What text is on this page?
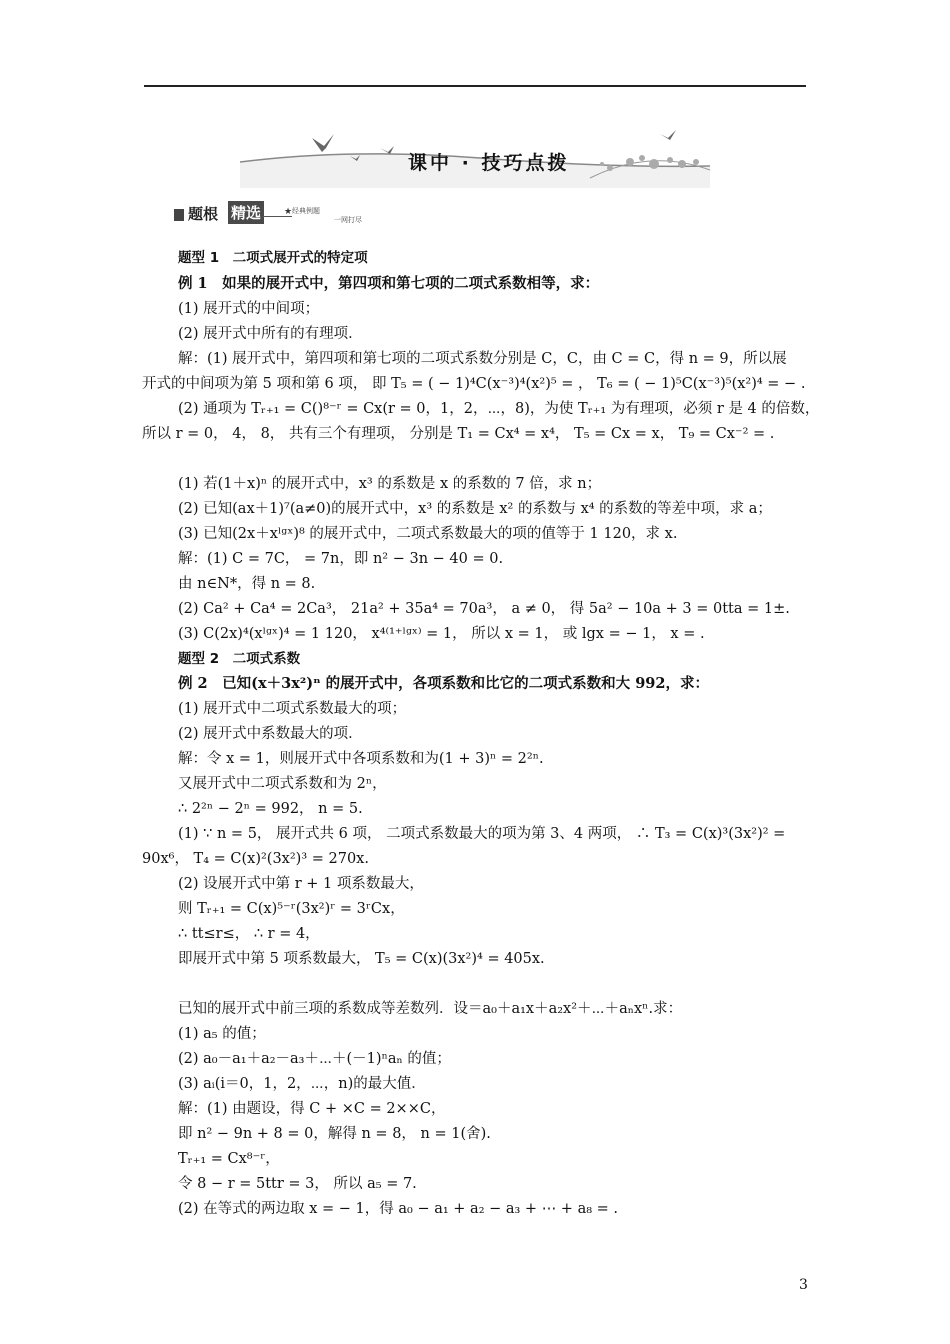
课中 · 技巧点拨
题根 精选	★ 经典例题
一网打尽
题型 1　二项式展开式的特定项
例 1　如果的展开式中，第四项和第七项的二项式系数相等，求：
(1) 展开式的中间项；
(2) 展开式中所有的有理项．
解：(1) 展开式中，第四项和第七项的二项式系数分别是 C，C，由 C = C，得 n = 9，所以展
开式的中间项为第 5 项和第 6 项， 即 T₅ = ( − 1)⁴C(x⁻³)⁴(x²)⁵ = ， T₆ = ( − 1)⁵C(x⁻³)⁵(x²)⁴ = − .
(2) 通项为 Tᵣ₊₁ = C()⁸⁻ʳ = Cx(r = 0，1，2，⋯，8)，为使 Tᵣ₊₁ 为有理项，必须 r 是 4 的倍数，
所以 r = 0， 4， 8， 共有三个有理项， 分别是 T₁ = Cx⁴ = x⁴， T₅ = Cx = x， T₉ = Cx⁻² = .
(1) 若(1＋x)ⁿ 的展开式中，x³ 的系数是 x 的系数的 7 倍，求 n；
(2) 已知(ax＋1)⁷(a≠0)的展开式中，x³ 的系数是 x² 的系数与 x⁴ 的系数的等差中项，求 a；
(3) 已知(2x＋xˡᵍˣ)⁸ 的展开式中，二项式系数最大的项的值等于 1 120，求 x.
解：(1) C = 7C， = 7n，即 n² − 3n − 40 = 0.
由 n∈N*，得 n = 8.
(2) Ca² + Ca⁴ = 2Ca³， 21a² + 35a⁴ = 70a³， a ≠ 0， 得 5a² − 10a + 3 = 0tta = 1±.
(3) C(2x)⁴(xˡᵍˣ)⁴ = 1 120， x⁴⁽¹⁺ˡᵍˣ⁾ = 1， 所以 x = 1， 或 lgx = − 1， x = .
题型 2　二项式系数
例 2　已知(x＋3x²)ⁿ 的展开式中，各项系数和比它的二项式系数和大 992，求：
(1) 展开式中二项式系数最大的项；
(2) 展开式中系数最大的项．
解：令 x = 1，则展开式中各项系数和为(1 + 3)ⁿ = 2²ⁿ.
又展开式中二项式系数和为 2ⁿ，
∴ 2²ⁿ − 2ⁿ = 992， n = 5.
(1) ∵ n = 5， 展开式共 6 项， 二项式系数最大的项为第 3、4 两项， ∴ T₃ = C(x)³(3x²)² =
90x⁶， T₄ = C(x)²(3x²)³ = 270x.
(2) 设展开式中第 r + 1 项系数最大，
则 Tᵣ₊₁ = C(x)⁵⁻ʳ(3x²)ʳ = 3ʳCx，
∴ tt≤r≤， ∴ r = 4，
即展开式中第 5 项系数最大， T₅ = C(x)(3x²)⁴ = 405x.
已知的展开式中前三项的系数成等差数列．设＝a₀＋a₁x＋a₂x²＋⋯＋aₙxⁿ.求：
(1) a₅ 的值；
(2) a₀－a₁＋a₂－a₃＋⋯＋(－1)ⁿaₙ 的值；
(3) aᵢ(i＝0，1，2，⋯，n)的最大值．
解：(1) 由题设，得 C + ×C = 2××C，
即 n² − 9n + 8 = 0，解得 n = 8， n = 1(舍).
Tᵣ₊₁ = Cx⁸⁻ʳ，
令 8 − r = 5ttr = 3， 所以 a₅ = 7.
(2) 在等式的两边取 x = − 1，得 a₀ − a₁ + a₂ − a₃ + ⋯ + a₈ = .
3
